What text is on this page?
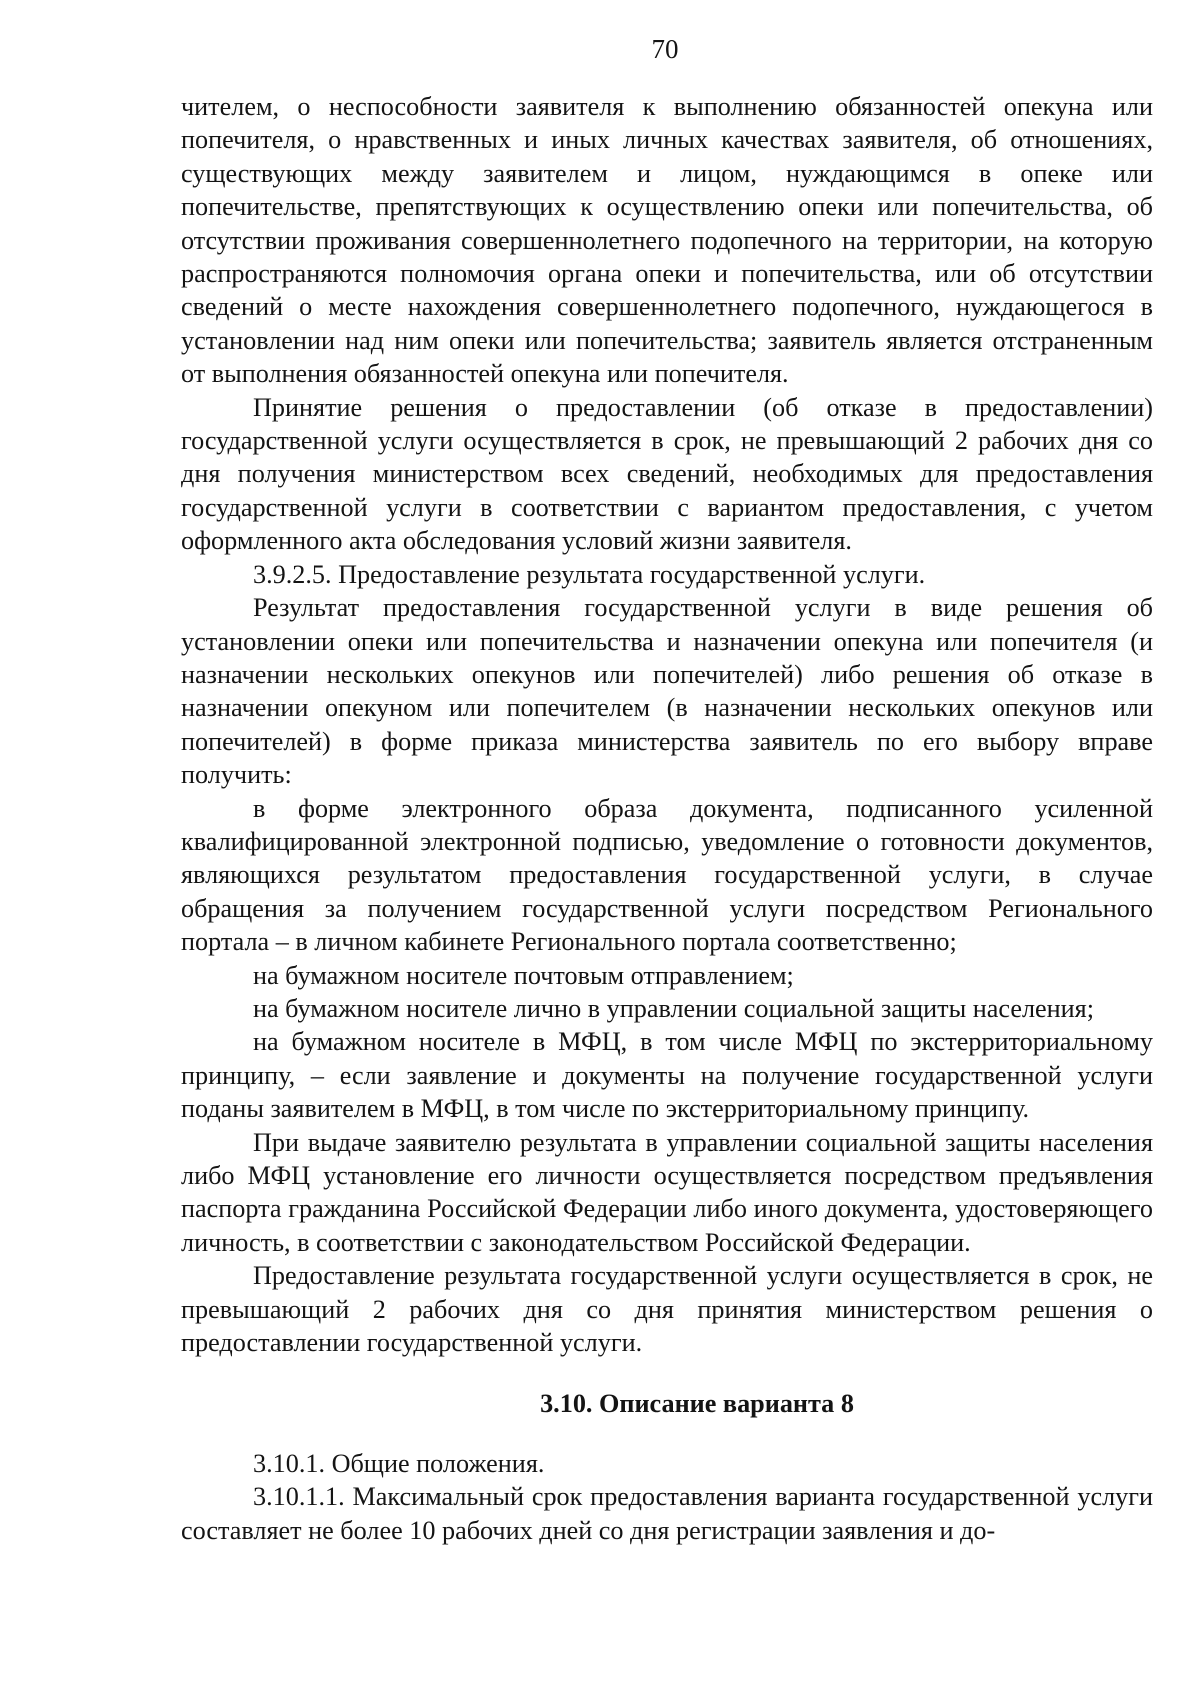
70

чителем, о неспособности заявителя к выполнению обязанностей опекуна или попечителя, о нравственных и иных личных качествах заявителя, об отношениях, существующих между заявителем и лицом, нуждающимся в опеке или попечительстве, препятствующих к осуществлению опеки или попечительства, об отсутствии проживания совершеннолетнего подопечного на территории, на которую распространяются полномочия органа опеки и попечительства, или об отсутствии сведений о месте нахождения совершеннолетнего подопечного, нуждающегося в установлении над ним опеки или попечительства; заявитель является отстраненным от выполнения обязанностей опекуна или попечителя.

Принятие решения о предоставлении (об отказе в предоставлении) государственной услуги осуществляется в срок, не превышающий 2 рабочих дня со дня получения министерством всех сведений, необходимых для предоставления государственной услуги в соответствии с вариантом предоставления, с учетом оформленного акта обследования условий жизни заявителя.

3.9.2.5. Предоставление результата государственной услуги.

Результат предоставления государственной услуги в виде решения об установлении опеки или попечительства и назначении опекуна или попечителя (и назначении нескольких опекунов или попечителей) либо решения об отказе в назначении опекуном или попечителем (в назначении нескольких опекунов или попечителей) в форме приказа министерства заявитель по его выбору вправе получить:

в форме электронного образа документа, подписанного усиленной квалифицированной электронной подписью, уведомление о готовности документов, являющихся результатом предоставления государственной услуги, в случае обращения за получением государственной услуги посредством Регионального портала – в личном кабинете Регионального портала соответственно;

на бумажном носителе почтовым отправлением;

на бумажном носителе лично в управлении социальной защиты населения;

на бумажном носителе в МФЦ, в том числе МФЦ по экстерриториальному принципу, – если заявление и документы на получение государственной услуги поданы заявителем в МФЦ, в том числе по экстерриториальному принципу.

При выдаче заявителю результата в управлении социальной защиты населения либо МФЦ установление его личности осуществляется посредством предъявления паспорта гражданина Российской Федерации либо иного документа, удостоверяющего личность, в соответствии с законодательством Российской Федерации.

Предоставление результата государственной услуги осуществляется в срок, не превышающий 2 рабочих дня со дня принятия министерством решения о предоставлении государственной услуги.

3.10. Описание варианта 8

3.10.1. Общие положения.

3.10.1.1. Максимальный срок предоставления варианта государственной услуги составляет не более 10 рабочих дней со дня регистрации заявления и до-
